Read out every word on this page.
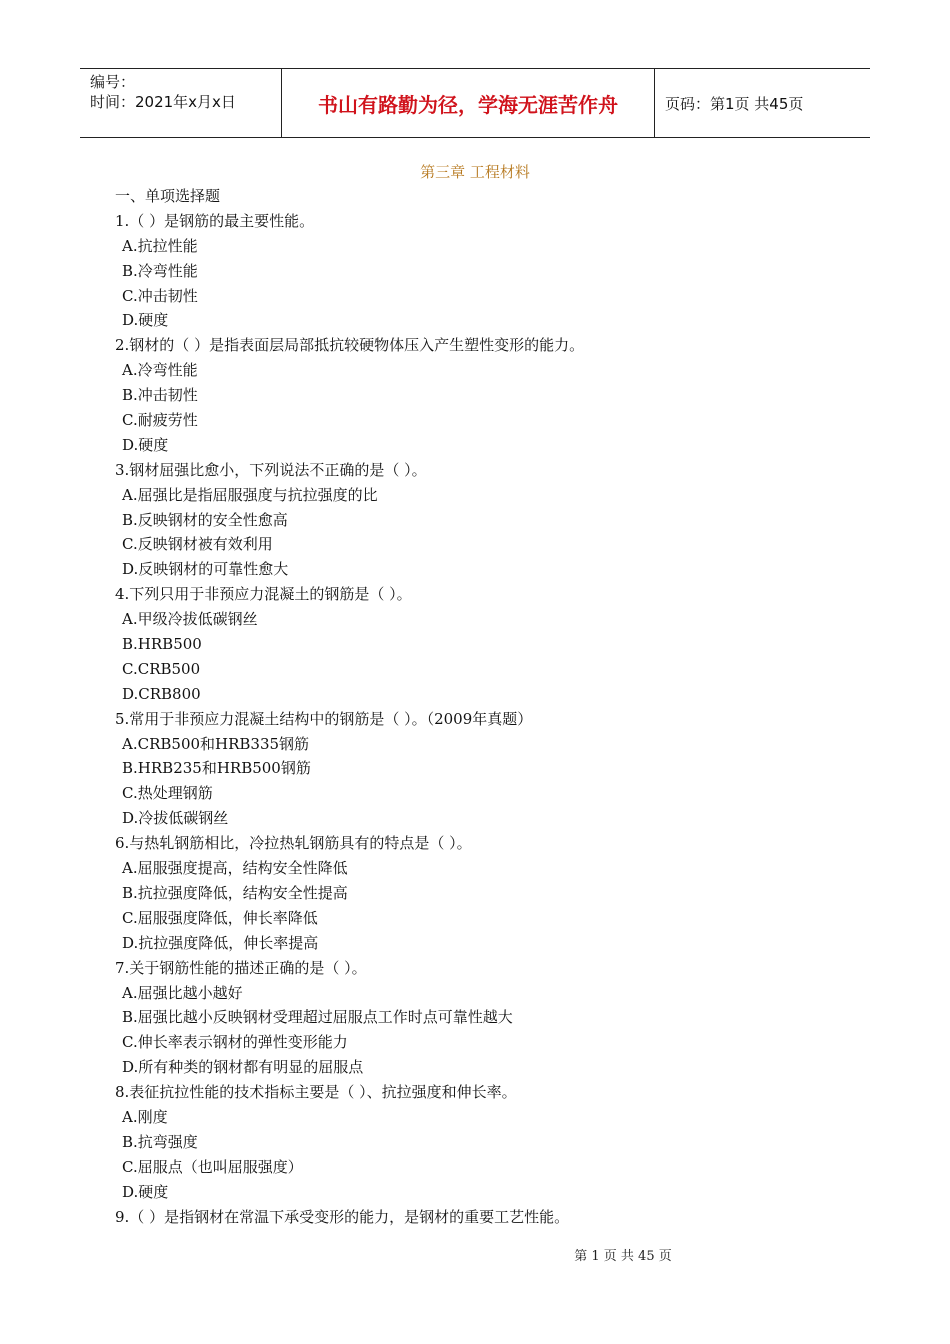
编号：
时间：2021年x月x日	书山有路勤为径，学海无涯苦作舟	页码：第1页 共45页
第三章 工程材料
一、单项选择题
1.（ ）是钢筋的最主要性能。
A.抗拉性能
B.冷弯性能
C.冲击韧性
D.硬度
2.钢材的（ ）是指表面层局部抵抗较硬物体压入产生塑性变形的能力。
A.冷弯性能
B.冲击韧性
C.耐疲劳性
D.硬度
3.钢材屈强比愈小，下列说法不正确的是（ ）。
A.屈强比是指屈服强度与抗拉强度的比
B.反映钢材的安全性愈高
C.反映钢材被有效利用
D.反映钢材的可靠性愈大
4.下列只用于非预应力混凝土的钢筋是（ ）。
A.甲级冷拔低碳钢丝
B.HRB500
C.CRB500
D.CRB800
5.常用于非预应力混凝土结构中的钢筋是（ ）。（2009年真题）
A.CRB500和HRB335钢筋
B.HRB235和HRB500钢筋
C.热处理钢筋
D.冷拔低碳钢丝
6.与热轧钢筋相比，冷拉热轧钢筋具有的特点是（ ）。
A.屈服强度提高，结构安全性降低
B.抗拉强度降低，结构安全性提高
C.屈服强度降低，伸长率降低
D.抗拉强度降低，伸长率提高
7.关于钢筋性能的描述正确的是（ ）。
A.屈强比越小越好
B.屈强比越小反映钢材受理超过屈服点工作时点可靠性越大
C.伸长率表示钢材的弹性变形能力
D.所有种类的钢材都有明显的屈服点
8.表征抗拉性能的技术指标主要是（ ）、抗拉强度和伸长率。
A.刚度
B.抗弯强度
C.屈服点（也叫屈服强度）
D.硬度
9.（ ）是指钢材在常温下承受变形的能力，是钢材的重要工艺性能。
第 1 页 共 45 页
